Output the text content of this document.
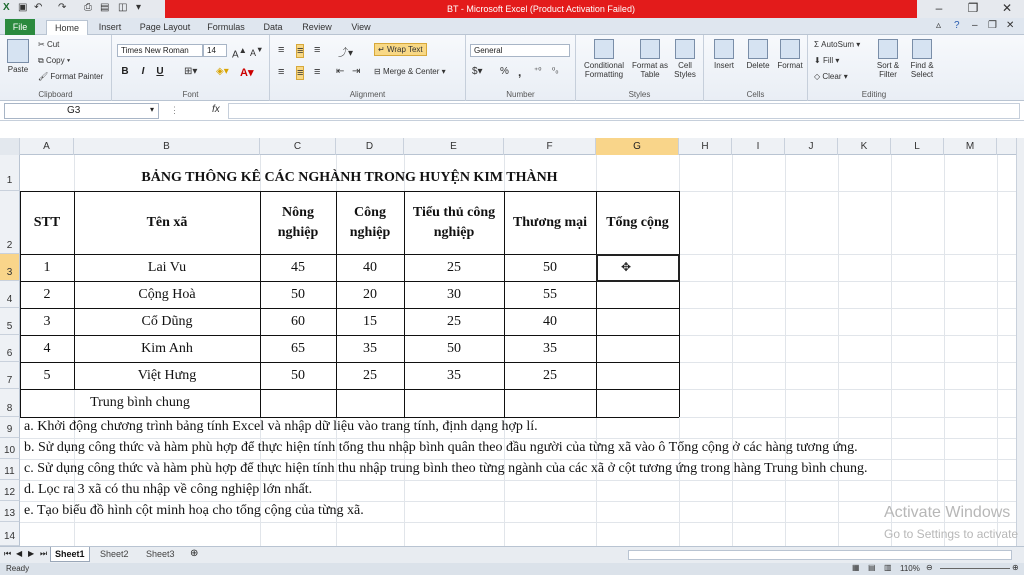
X ▣ ↶ ↷ ⎙ ▤ ◫ ▾	BT - Microsoft Excel (Product Activation Failed)	–	❐	✕
File	Home	Insert	Page Layout	Formulas	Data	Review	View	▵ ? – ❐ ✕
Paste
✂ Cut
⧉ Copy ▾
🖌 Format Painter
Clipboard
Times New Roman	14	A▲ A▼
B	I	U ⊞▾ ◈▾ A▾
Font
≡ ≡ ≡ ⤴▾	↵ Wrap Text
≡ ≡ ≡ ⇤ ⇥ ⊟ Merge & Center ▾
Alignment
General
$▾ % , ⁺⁰ ⁰₀
Number
Conditional Formatting
Format as Table
Cell Styles
Styles
Insert	Delete Format
Cells
Σ AutoSum ▾
⬇ Fill ▾
◇ Clear ▾
Sort & Filter
Find & Select
Editing
G3	▾ ⋮	fx
A	B	C	D	E	F	G	H	I	J	K	L	M
1
2
3
4
5
6
7
8
9
10
11
12
13
14
BẢNG THÔNG KÊ CÁC NGHÀNH TRONG HUYỆN KIM THÀNH
STT	Tên xã
Nông nghiệp
Công nghiệp
Tiểu thủ công nghiệp
Thương mại	Tổng cộng
1	Lai Vu	45	40	25	50
2	Cộng Hoà	50	20	30	55
3	Cổ Dũng	60	15	25	40
4	Kim Anh	65	35	50	35
5	Việt Hưng	50	25	35	25
Trung bình chung
✥
a. Khởi động chương trình bảng tính Excel và nhập dữ liệu vào trang tính, định dạng hợp lí.
b. Sử dụng công thức và hàm phù hợp để thực hiện tính tổng thu nhập bình quân theo đầu người của từng xã vào ô Tổng cộng ở các hàng tương ứng.
c. Sử dụng công thức và hàm phù hợp để thực hiện tính thu nhập trung bình theo từng ngành của các xã ở cột tương ứng trong hàng Trung bình chung.
d. Lọc ra 3 xã có thu nhập về công nghiệp lớn nhất.
e. Tạo biểu đồ hình cột minh hoạ cho tổng cộng của từng xã.	Activate Windows
Go to Settings to activate
⏮ ◀ ▶ ⏭ Sheet1	Sheet2	Sheet3	⊕
Ready	▦ ▤ ▥ 110% ⊖	⊕
